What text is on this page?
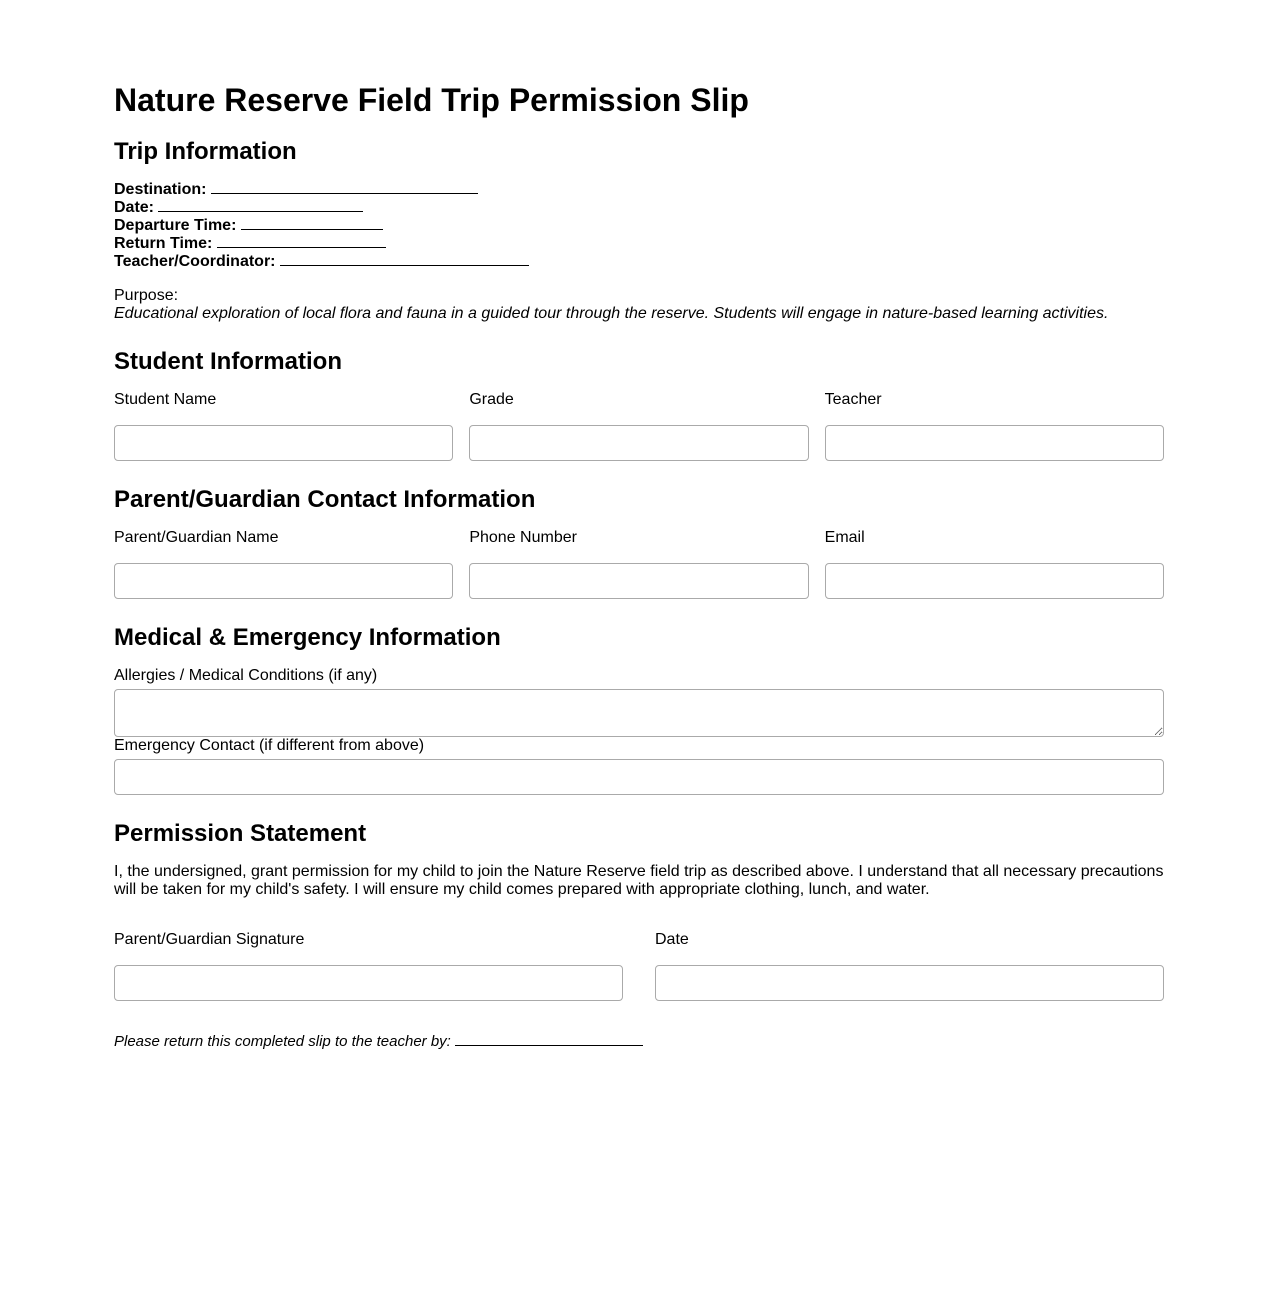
Nature Reserve Field Trip Permission Slip
Trip Information
Destination:
Date:
Departure Time:
Return Time:
Teacher/Coordinator:
Purpose:
Educational exploration of local flora and fauna in a guided tour through the reserve. Students will engage in nature-based learning activities.
Student Information
Student Name	Grade	Teacher
Parent/Guardian Contact Information
Parent/Guardian Name	Phone Number	Email
Medical & Emergency Information
Allergies / Medical Conditions (if any)
Emergency Contact (if different from above)
Permission Statement
I, the undersigned, grant permission for my child to join the Nature Reserve field trip as described above. I understand that all necessary precautions will be taken for my child's safety. I will ensure my child comes prepared with appropriate clothing, lunch, and water.
Parent/Guardian Signature	Date
Please return this completed slip to the teacher by:
